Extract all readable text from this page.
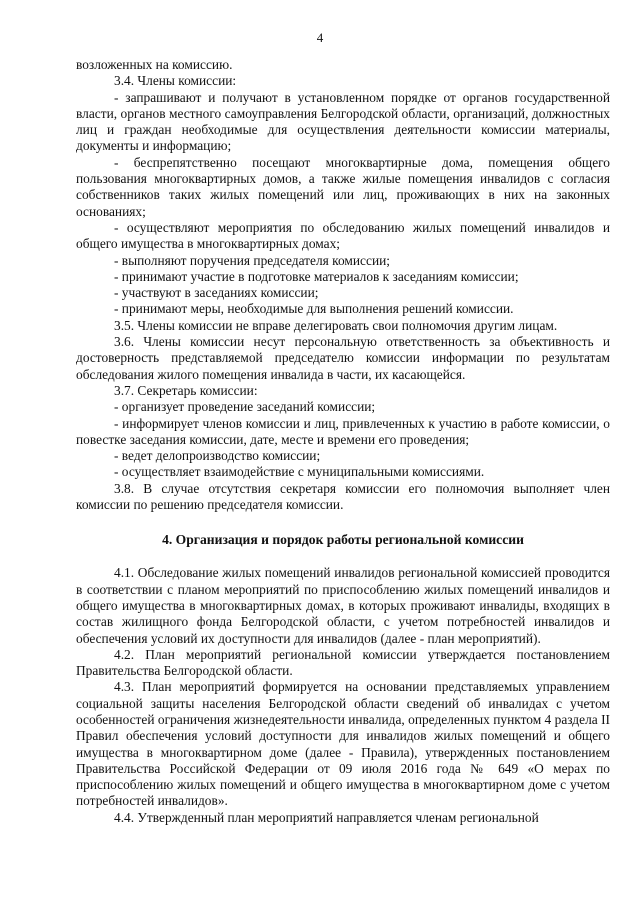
4

возложенных на комиссию.

3.4. Члены комиссии:

- запрашивают и получают в установленном порядке от органов государственной власти, органов местного самоуправления Белгородской области, организаций, должностных лиц и граждан необходимые для осуществления деятельности комиссии материалы, документы и информацию;

- беспрепятственно посещают многоквартирные дома, помещения общего пользования многоквартирных домов, а также жилые помещения инвалидов с согласия собственников таких жилых помещений или лиц, проживающих в них на законных основаниях;

- осуществляют мероприятия по обследованию жилых помещений инвалидов и общего имущества в многоквартирных домах;

- выполняют поручения председателя комиссии;

- принимают участие в подготовке материалов к заседаниям комиссии;

- участвуют в заседаниях комиссии;

- принимают меры, необходимые для выполнения решений комиссии.

3.5. Члены комиссии не вправе делегировать свои полномочия другим лицам.

3.6. Члены комиссии несут персональную ответственность за объективность и достоверность представляемой председателю комиссии информации по результатам обследования жилого помещения инвалида в части, их касающейся.

3.7. Секретарь комиссии:

- организует проведение заседаний комиссии;

- информирует членов комиссии и лиц, привлеченных к участию в работе комиссии, о повестке заседания комиссии, дате, месте и времени его проведения;

- ведет делопроизводство комиссии;

- осуществляет взаимодействие с муниципальными комиссиями.

3.8. В случае отсутствия секретаря комиссии его полномочия выполняет член комиссии по решению председателя комиссии.

4. Организация и порядок работы региональной комиссии

4.1. Обследование жилых помещений инвалидов региональной комиссией проводится в соответствии с планом мероприятий по приспособлению жилых помещений инвалидов и общего имущества в многоквартирных домах, в которых проживают инвалиды, входящих в состав жилищного фонда Белгородской области, с учетом потребностей инвалидов и обеспечения условий их доступности для инвалидов (далее - план мероприятий).

4.2. План мероприятий региональной комиссии утверждается постановлением Правительства Белгородской области.

4.3. План мероприятий формируется на основании представляемых управлением социальной защиты населения Белгородской области сведений об инвалидах с учетом особенностей ограничения жизнедеятельности инвалида, определенных пунктом 4 раздела II Правил обеспечения условий доступности для инвалидов жилых помещений и общего имущества в многоквартирном доме (далее - Правила), утвержденных постановлением Правительства Российской Федерации от 09 июля 2016 года № 649 «О мерах по приспособлению жилых помещений и общего имущества в многоквартирном доме с учетом потребностей инвалидов».

4.4. Утвержденный план мероприятий направляется членам региональной
